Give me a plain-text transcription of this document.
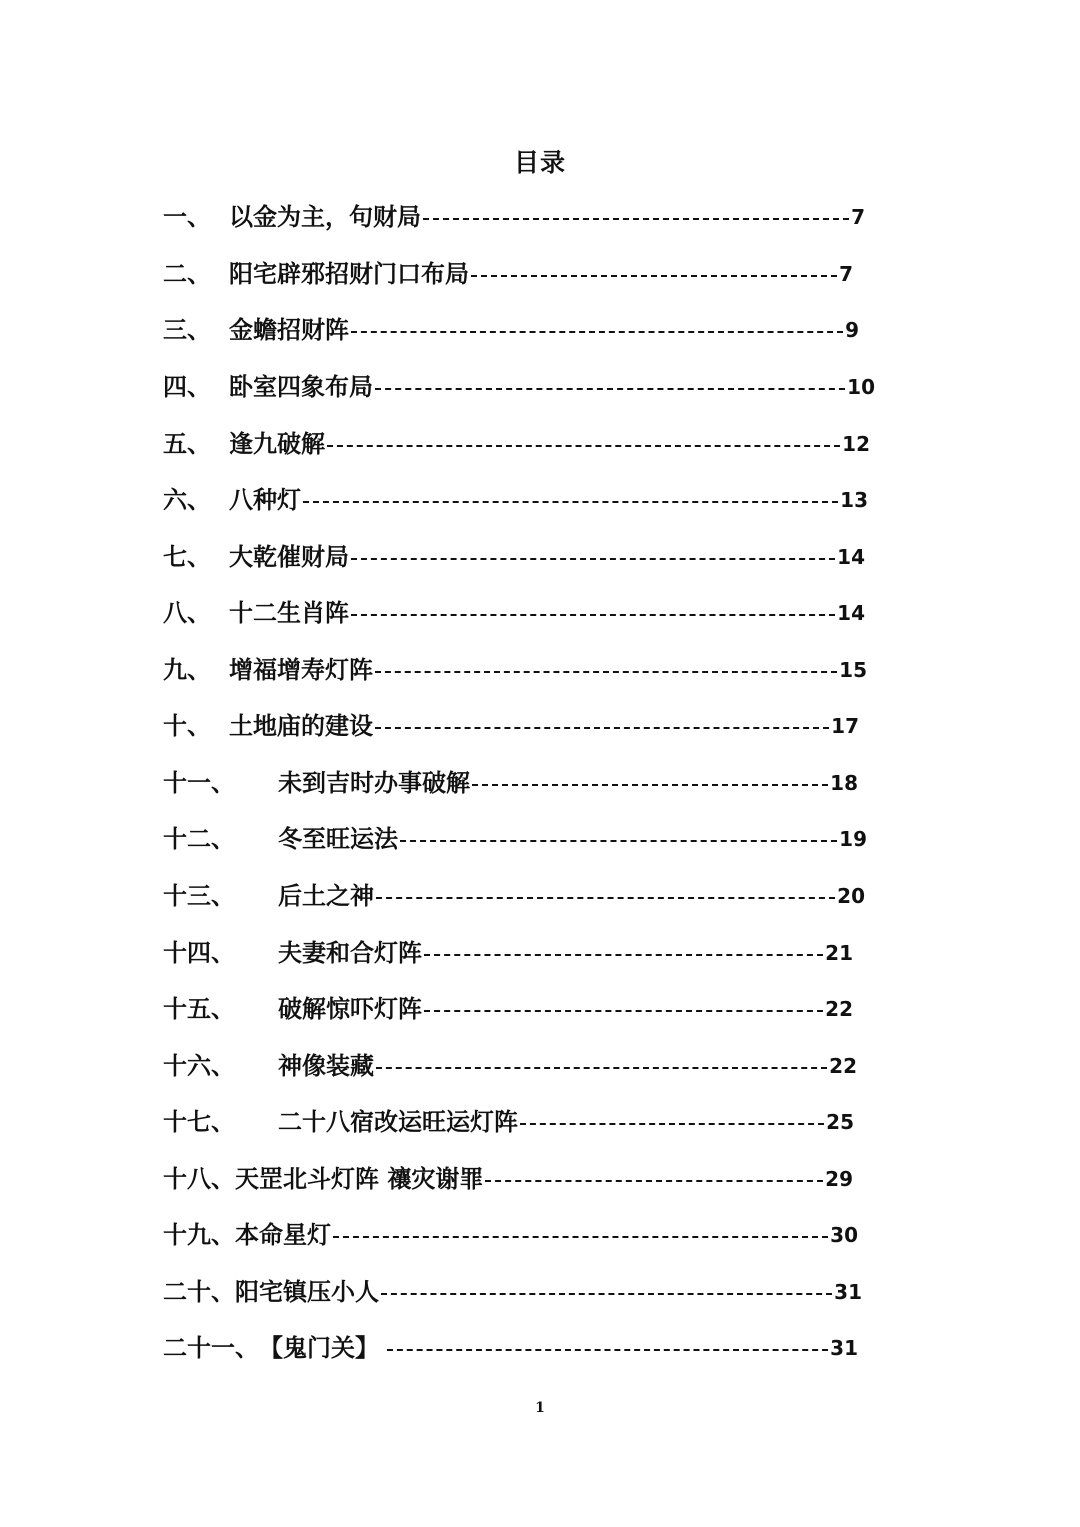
目录
一、 以金为主，句财局	7
二、 阳宅辟邪招财门口布局	7
三、 金蟾招财阵	9
四、 卧室四象布局	10
五、 逢九破解	12
六、 八种灯	13
七、 大乾催财局	14
八、 十二生肖阵	14
九、 增福增寿灯阵	15
十、 土地庙的建设	17
十一、	未到吉时办事破解	18
十二、	冬至旺运法	19
十三、	后土之神	20
十四、	夫妻和合灯阵	21
十五、	破解惊吓灯阵	22
十六、	神像装藏	22
十七、	二十八宿改运旺运灯阵	25
十八、 天罡北斗灯阵 禳灾谢罪	29
十九、 本命星灯	30
二十、 阳宅镇压小人	31
二十一、 【鬼门关】	31
1
